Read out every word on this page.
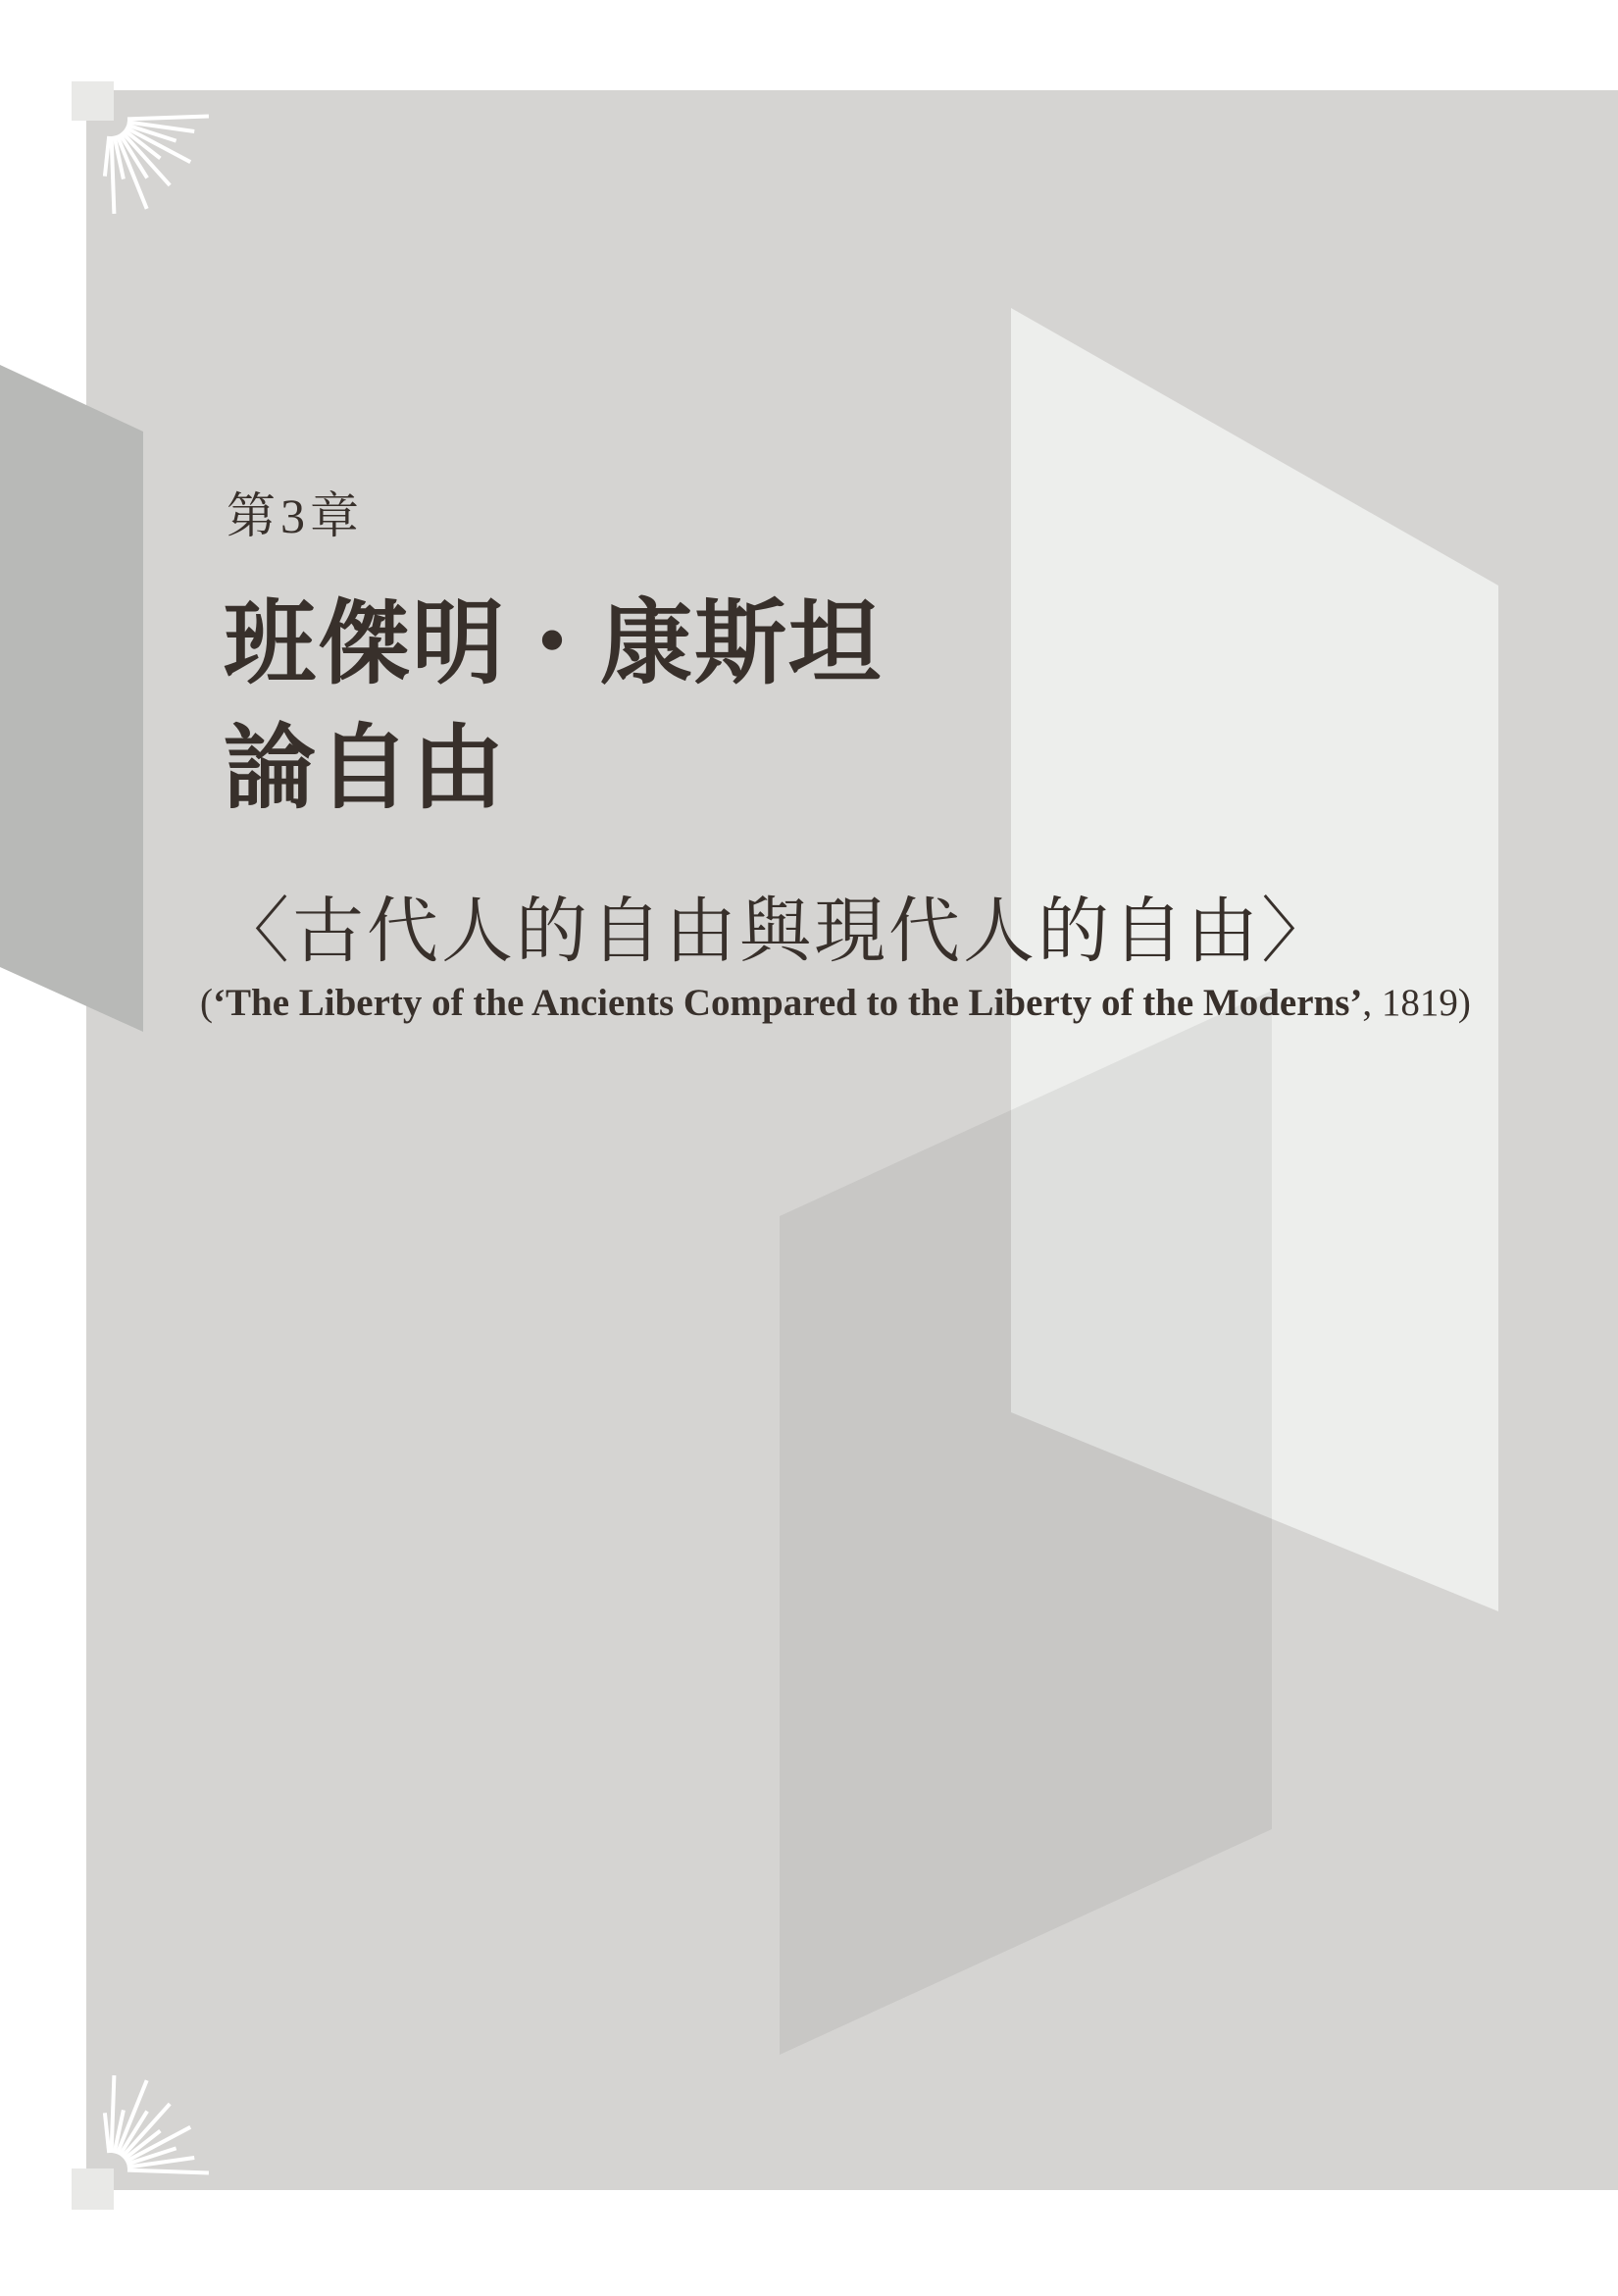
第3章
班傑明・康斯坦
論自由
〈古代人的自由與現代人的自由〉
(‘The Liberty of the Ancients Compared to the Liberty of the Moderns’, 1819)
